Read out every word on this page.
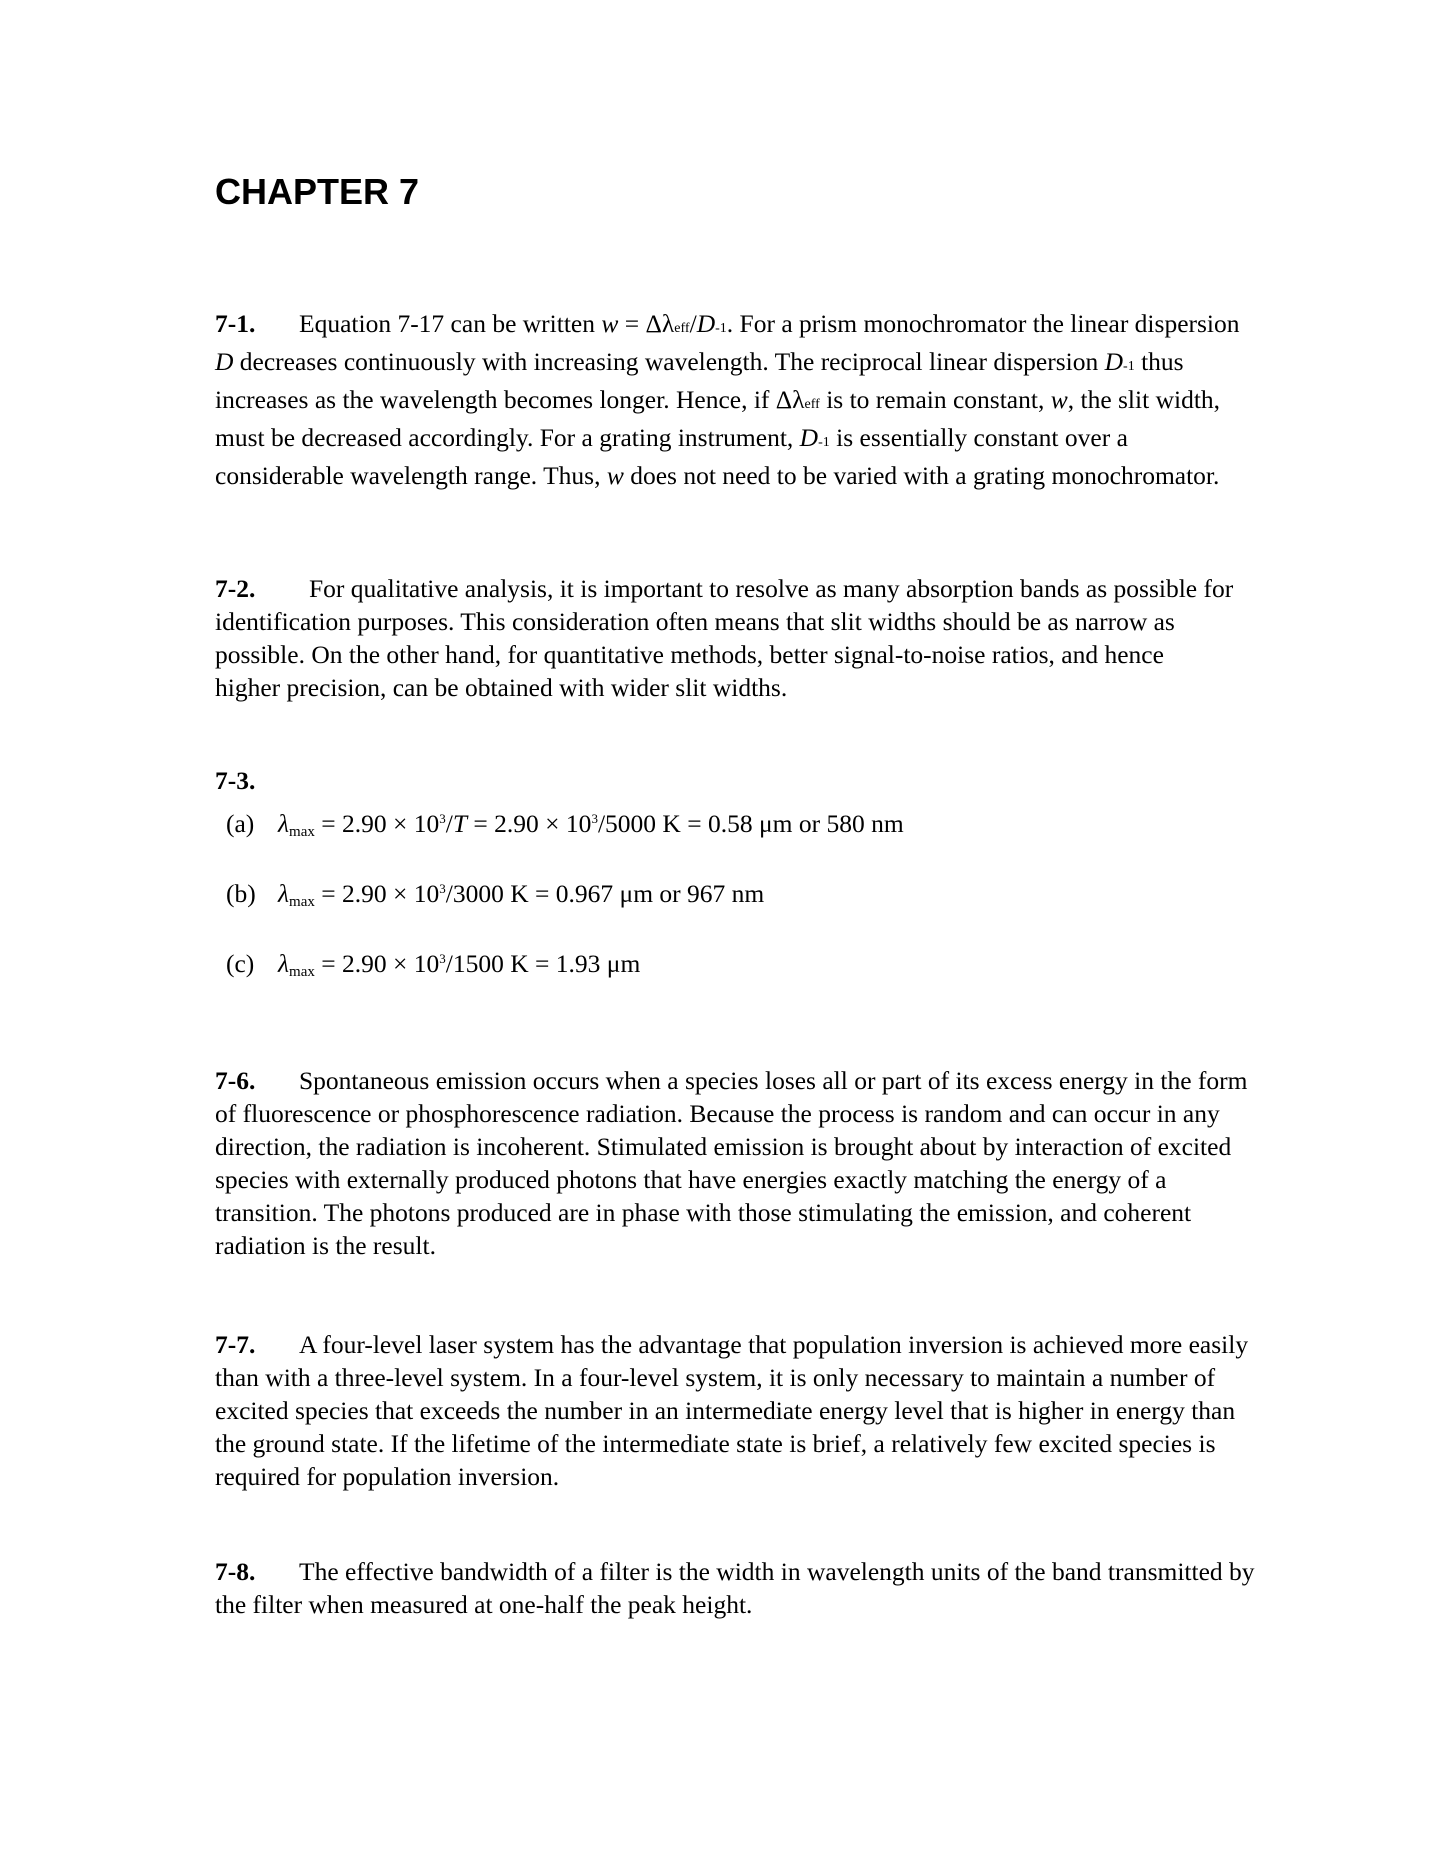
CHAPTER 7

7-1. Equation 7-17 can be written w = Δλeff/D-1. For a prism monochromator the linear dispersion D decreases continuously with increasing wavelength. The reciprocal linear dispersion D-1 thus increases as the wavelength becomes longer. Hence, if Δλeff is to remain constant, w, the slit width, must be decreased accordingly. For a grating instrument, D-1 is essentially constant over a considerable wavelength range. Thus, w does not need to be varied with a grating monochromator.

7-2. For qualitative analysis, it is important to resolve as many absorption bands as possible for identification purposes. This consideration often means that slit widths should be as narrow as possible. On the other hand, for quantitative methods, better signal-to-noise ratios, and hence higher precision, can be obtained with wider slit widths.

7-3.

(a) $\lambda\max = 2.90 \times 10^3/T = 2.90 \times 10^3/5000$ K = 0.58 μm or 580 nm

(b) $\lambda\max = 2.90 \times 10^3/3000$ K = 0.967 μm or 967 nm

(c) $\lambda\max = 2.90 \times 10^3/1500$ K = 1.93 μm

7-6. Spontaneous emission occurs when a species loses all or part of its excess energy in the form of fluorescence or phosphorescence radiation. Because the process is random and can occur in any direction, the radiation is incoherent. Stimulated emission is brought about by interaction of excited species with externally produced photons that have energies exactly matching the energy of a transition. The photons produced are in phase with those stimulating the emission, and coherent radiation is the result.

7-7. A four-level laser system has the advantage that population inversion is achieved more easily than with a three-level system. In a four-level system, it is only necessary to maintain a number of excited species that exceeds the number in an intermediate energy level that is higher in energy than the ground state. If the lifetime of the intermediate state is brief, a relatively few excited species is required for population inversion.

7-8. The effective bandwidth of a filter is the width in wavelength units of the band transmitted by the filter when measured at one-half the peak height.
